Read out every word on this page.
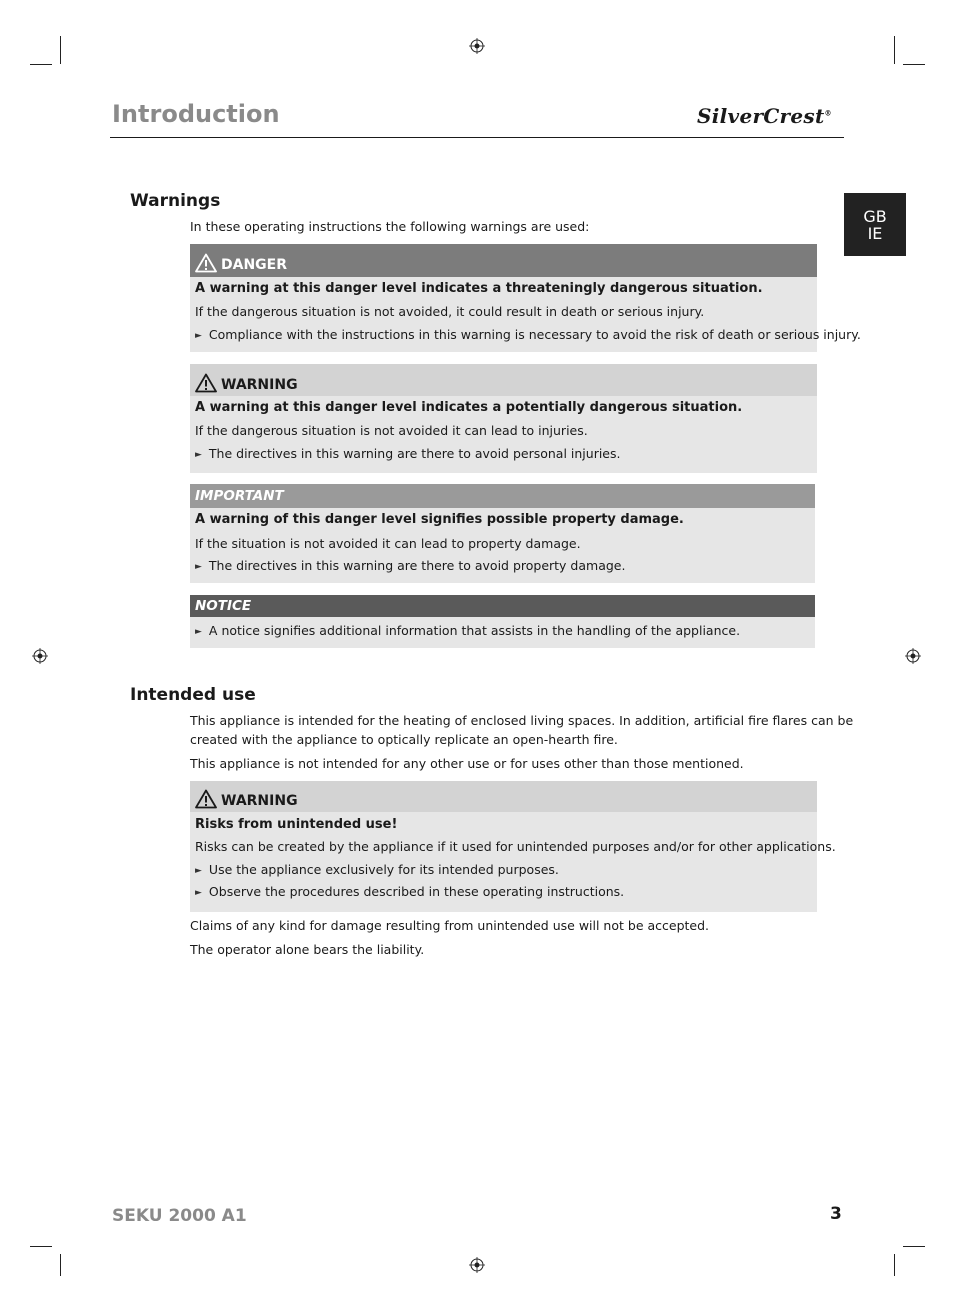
Introduction	SilverCrest®
GB
IE
Warnings

In these operating instructions the following warnings are used:

DANGER
A warning at this danger level indicates a threateningly dangerous situation.
If the dangerous situation is not avoided, it could result in death or serious injury.
► Compliance with the instructions in this warning is necessary to avoid the risk of death or serious injury.
WARNING
A warning at this danger level indicates a potentially dangerous situation.
If the dangerous situation is not avoided it can lead to injuries.
► The directives in this warning are there to avoid personal injuries.
IMPORTANT
A warning of this danger level signifies possible property damage.
If the situation is not avoided it can lead to property damage.
► The directives in this warning are there to avoid property damage.
NOTICE
► A notice signifies additional information that assists in the handling of the appliance.
Intended use

This appliance is intended for the heating of enclosed living spaces. In addition, artificial fire flares can be

created with the appliance to optically replicate an open-hearth fire.

This appliance is not intended for any other use or for uses other than those mentioned.

WARNING
Risks from unintended use!
Risks can be created by the appliance if it used for unintended purposes and/or for other applications.
► Use the appliance exclusively for its intended purposes.
► Observe the procedures described in these operating instructions.

Claims of any kind for damage resulting from unintended use will not be accepted.

The operator alone bears the liability.

SEKU 2000 A1	3
